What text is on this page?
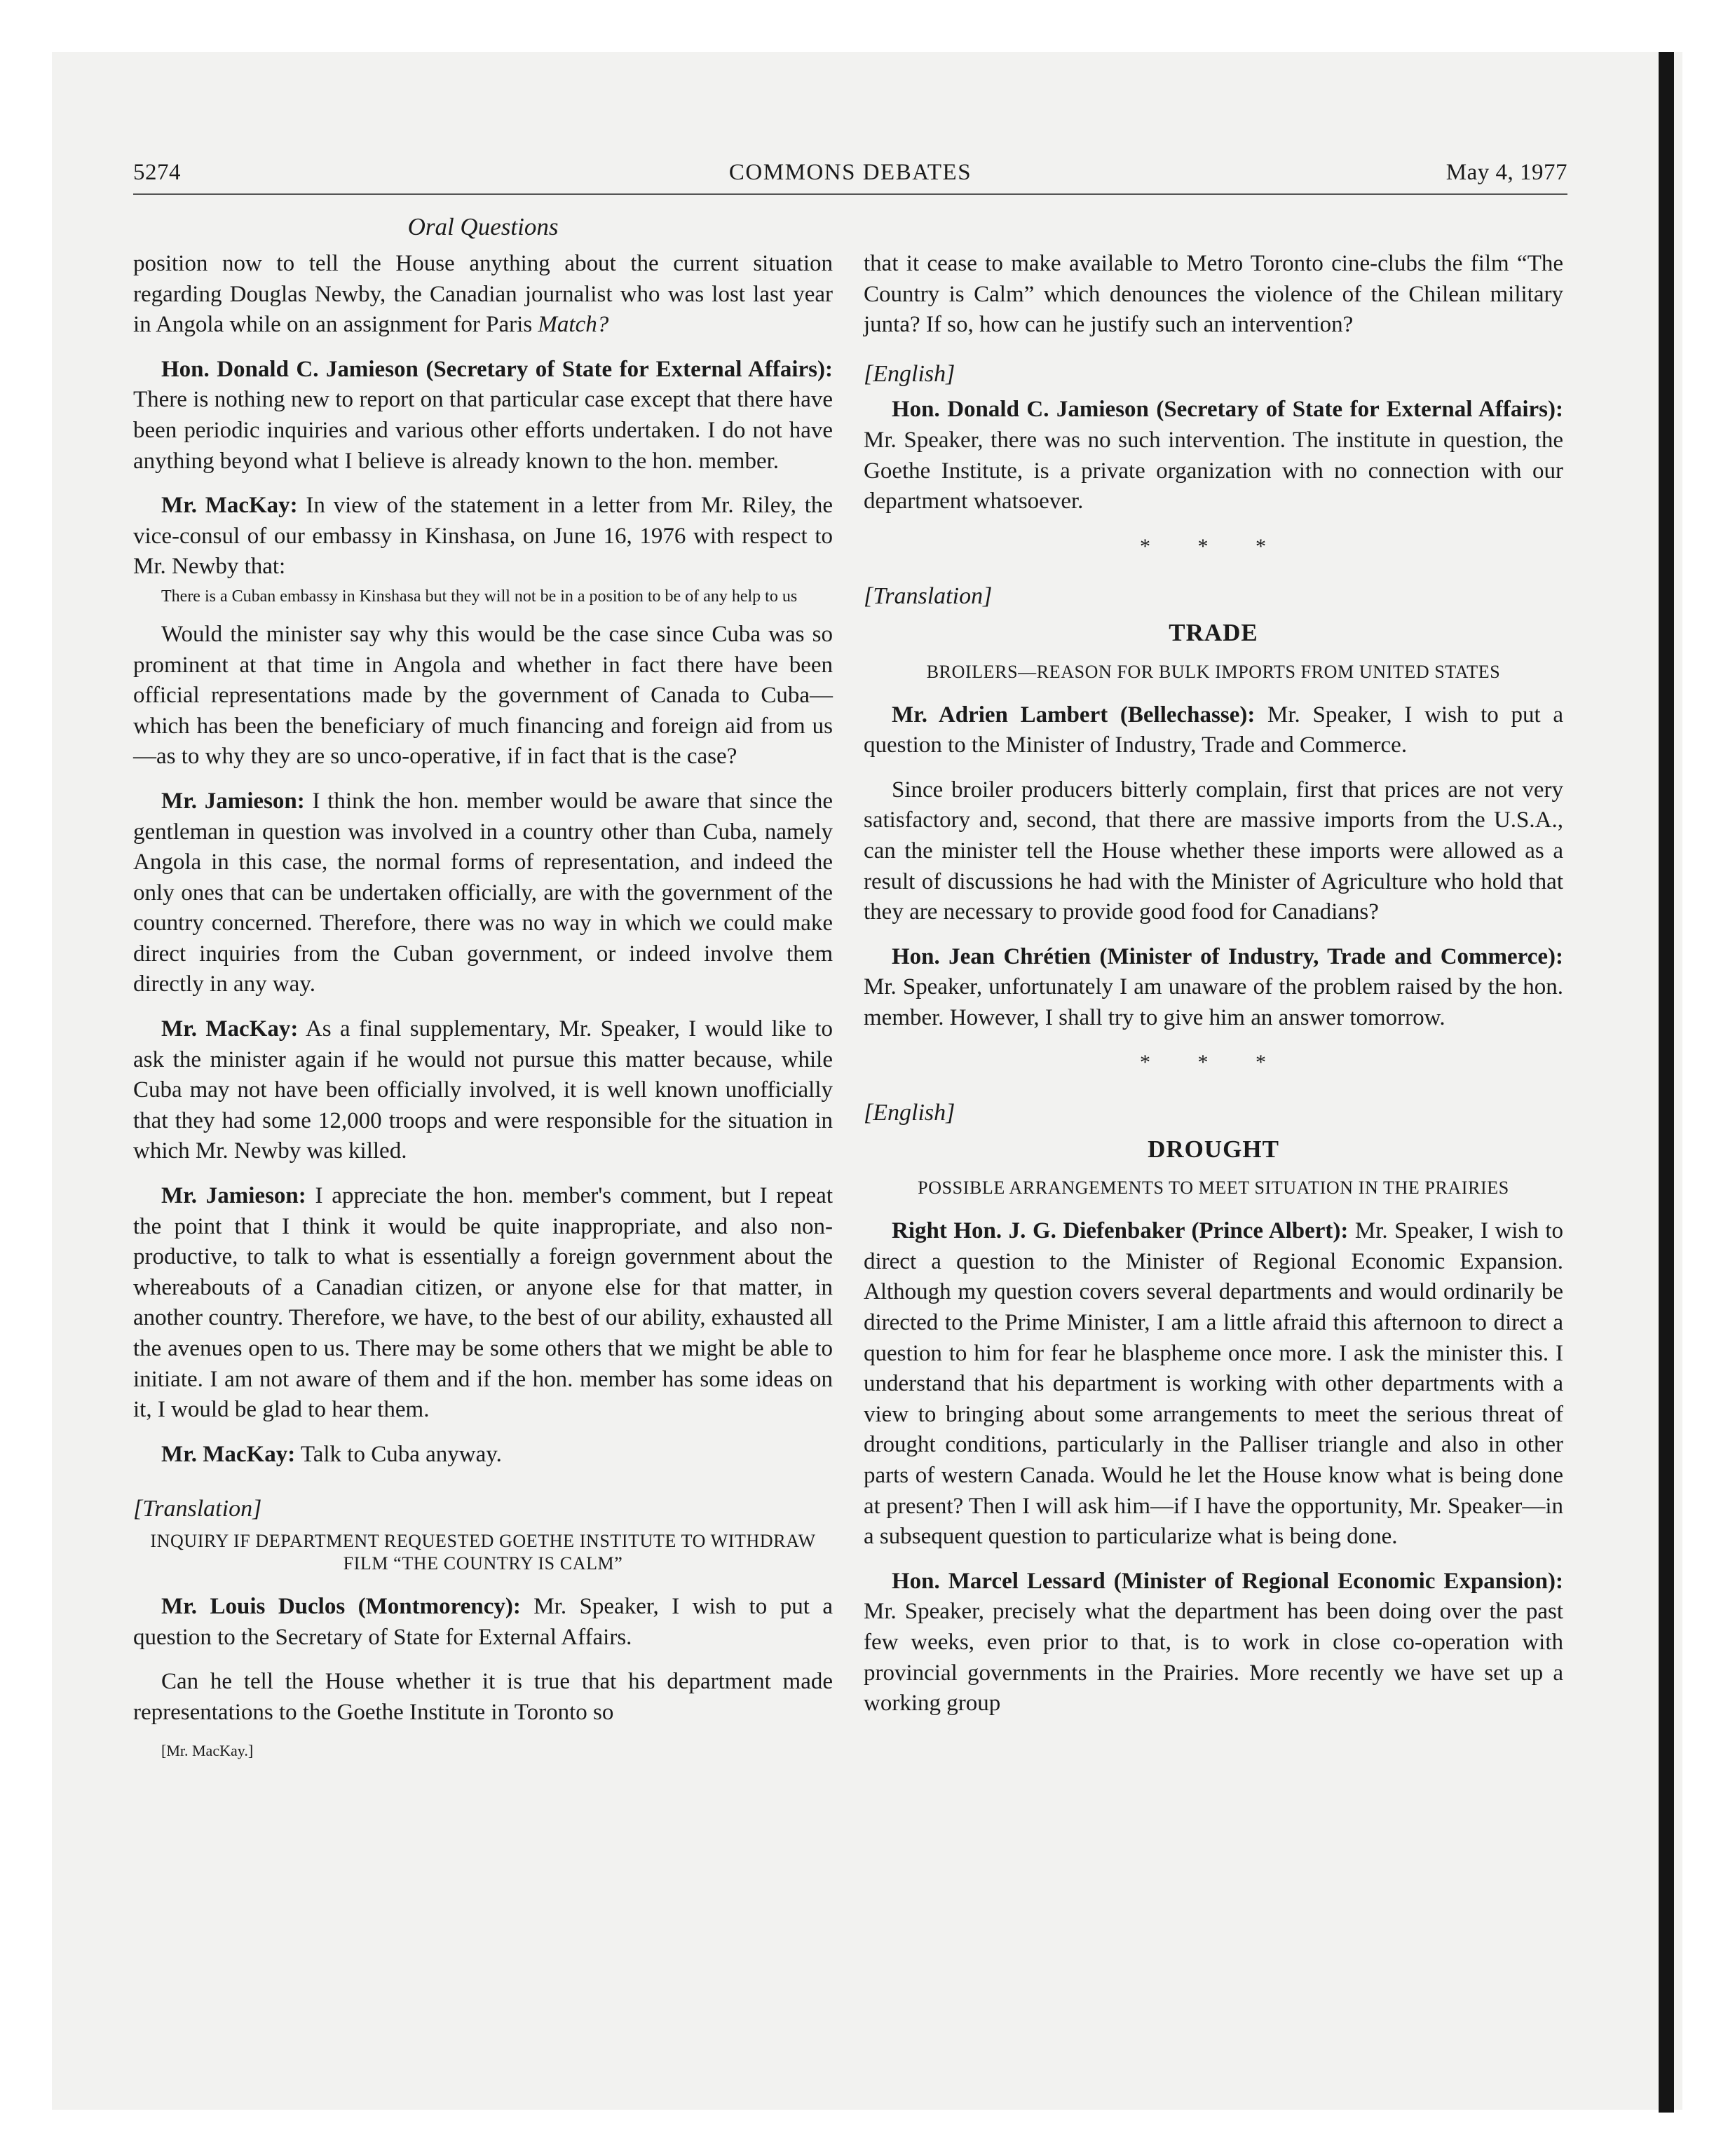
5274	COMMONS DEBATES	May 4, 1977
Oral Questions

position now to tell the House anything about the current situation regarding Douglas Newby, the Canadian journalist who was lost last year in Angola while on an assignment for Paris Match?

Hon. Donald C. Jamieson (Secretary of State for External Affairs): There is nothing new to report on that particular case except that there have been periodic inquiries and various other efforts undertaken. I do not have anything beyond what I believe is already known to the hon. member.

Mr. MacKay: In view of the statement in a letter from Mr. Riley, the vice-consul of our embassy in Kinshasa, on June 16, 1976 with respect to Mr. Newby that:

There is a Cuban embassy in Kinshasa but they will not be in a position to be of any help to us

Would the minister say why this would be the case since Cuba was so prominent at that time in Angola and whether in fact there have been official representations made by the government of Canada to Cuba—which has been the beneficiary of much financing and foreign aid from us—as to why they are so unco-operative, if in fact that is the case?

Mr. Jamieson: I think the hon. member would be aware that since the gentleman in question was involved in a country other than Cuba, namely Angola in this case, the normal forms of representation, and indeed the only ones that can be undertaken officially, are with the government of the country concerned. Therefore, there was no way in which we could make direct inquiries from the Cuban government, or indeed involve them directly in any way.

Mr. MacKay: As a final supplementary, Mr. Speaker, I would like to ask the minister again if he would not pursue this matter because, while Cuba may not have been officially involved, it is well known unofficially that they had some 12,000 troops and were responsible for the situation in which Mr. Newby was killed.

Mr. Jamieson: I appreciate the hon. member's comment, but I repeat the point that I think it would be quite inappropriate, and also non-productive, to talk to what is essentially a foreign government about the whereabouts of a Canadian citizen, or anyone else for that matter, in another country. Therefore, we have, to the best of our ability, exhausted all the avenues open to us. There may be some others that we might be able to initiate. I am not aware of them and if the hon. member has some ideas on it, I would be glad to hear them.

Mr. MacKay: Talk to Cuba anyway.

[Translation]
INQUIRY IF DEPARTMENT REQUESTED GOETHE INSTITUTE TO WITHDRAW FILM “THE COUNTRY IS CALM”

Mr. Louis Duclos (Montmorency): Mr. Speaker, I wish to put a question to the Secretary of State for External Affairs.

Can he tell the House whether it is true that his department made representations to the Goethe Institute in Toronto so

[Mr. MacKay.]

that it cease to make available to Metro Toronto cine-clubs the film “The Country is Calm” which denounces the violence of the Chilean military junta? If so, how can he justify such an intervention?

[English]

Hon. Donald C. Jamieson (Secretary of State for External Affairs): Mr. Speaker, there was no such intervention. The institute in question, the Goethe Institute, is a private organization with no connection with our department whatsoever.

* * *
[Translation]
TRADE
BROILERS—REASON FOR BULK IMPORTS FROM UNITED STATES

Mr. Adrien Lambert (Bellechasse): Mr. Speaker, I wish to put a question to the Minister of Industry, Trade and Commerce.

Since broiler producers bitterly complain, first that prices are not very satisfactory and, second, that there are massive imports from the U.S.A., can the minister tell the House whether these imports were allowed as a result of discussions he had with the Minister of Agriculture who hold that they are necessary to provide good food for Canadians?

Hon. Jean Chrétien (Minister of Industry, Trade and Commerce): Mr. Speaker, unfortunately I am unaware of the problem raised by the hon. member. However, I shall try to give him an answer tomorrow.

* * *
[English]
DROUGHT
POSSIBLE ARRANGEMENTS TO MEET SITUATION IN THE PRAIRIES

Right Hon. J. G. Diefenbaker (Prince Albert): Mr. Speaker, I wish to direct a question to the Minister of Regional Economic Expansion. Although my question covers several departments and would ordinarily be directed to the Prime Minister, I am a little afraid this afternoon to direct a question to him for fear he blaspheme once more. I ask the minister this. I understand that his department is working with other departments with a view to bringing about some arrangements to meet the serious threat of drought conditions, particularly in the Palliser triangle and also in other parts of western Canada. Would he let the House know what is being done at present? Then I will ask him—if I have the opportunity, Mr. Speaker—in a subsequent question to particularize what is being done.

Hon. Marcel Lessard (Minister of Regional Economic Expansion): Mr. Speaker, precisely what the department has been doing over the past few weeks, even prior to that, is to work in close co-operation with provincial governments in the Prairies. More recently we have set up a working group
